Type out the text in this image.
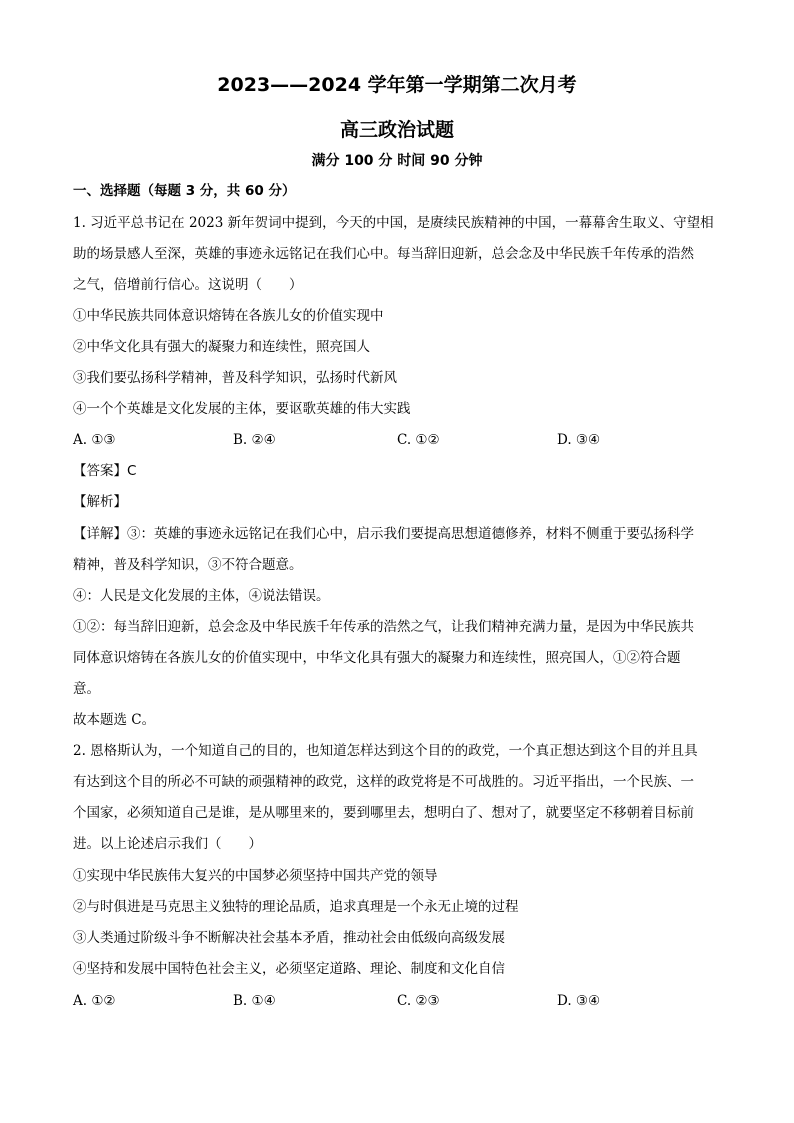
2023——2024 学年第一学期第二次月考
高三政治试题
满分 100 分 时间 90 分钟
一、选择题（每题 3 分，共 60 分）
1. 习近平总书记在 2023 新年贺词中提到，今天的中国，是赓续民族精神的中国，一幕幕舍生取义、守望相
助的场景感人至深，英雄的事迹永远铭记在我们心中。每当辞旧迎新，总会念及中华民族千年传承的浩然
之气，倍增前行信心。这说明（　　）
①中华民族共同体意识熔铸在各族儿女的价值实现中
②中华文化具有强大的凝聚力和连续性，照亮国人
③我们要弘扬科学精神，普及科学知识，弘扬时代新风
④一个个英雄是文化发展的主体，要讴歌英雄的伟大实践
A. ①③	B. ②④	C. ①②	D. ③④
【答案】C
【解析】
【详解】③：英雄的事迹永远铭记在我们心中，启示我们要提高思想道德修养，材料不侧重于要弘扬科学
精神，普及科学知识，③不符合题意。
④：人民是文化发展的主体，④说法错误。
①②：每当辞旧迎新，总会念及中华民族千年传承的浩然之气，让我们精神充满力量，是因为中华民族共
同体意识熔铸在各族儿女的价值实现中，中华文化具有强大的凝聚力和连续性，照亮国人，①②符合题
意。
故本题选 C。
2. 恩格斯认为，一个知道自己的目的，也知道怎样达到这个目的的政党，一个真正想达到这个目的并且具
有达到这个目的所必不可缺的顽强精神的政党，这样的政党将是不可战胜的。习近平指出，一个民族、一
个国家，必须知道自己是谁，是从哪里来的，要到哪里去，想明白了、想对了，就要坚定不移朝着目标前
进。以上论述启示我们（　　）
①实现中华民族伟大复兴的中国梦必须坚持中国共产党的领导
②与时俱进是马克思主义独特的理论品质，追求真理是一个永无止境的过程
③人类通过阶级斗争不断解决社会基本矛盾，推动社会由低级向高级发展
④坚持和发展中国特色社会主义，必须坚定道路、理论、制度和文化自信
A. ①②	B. ①④	C. ②③	D. ③④
